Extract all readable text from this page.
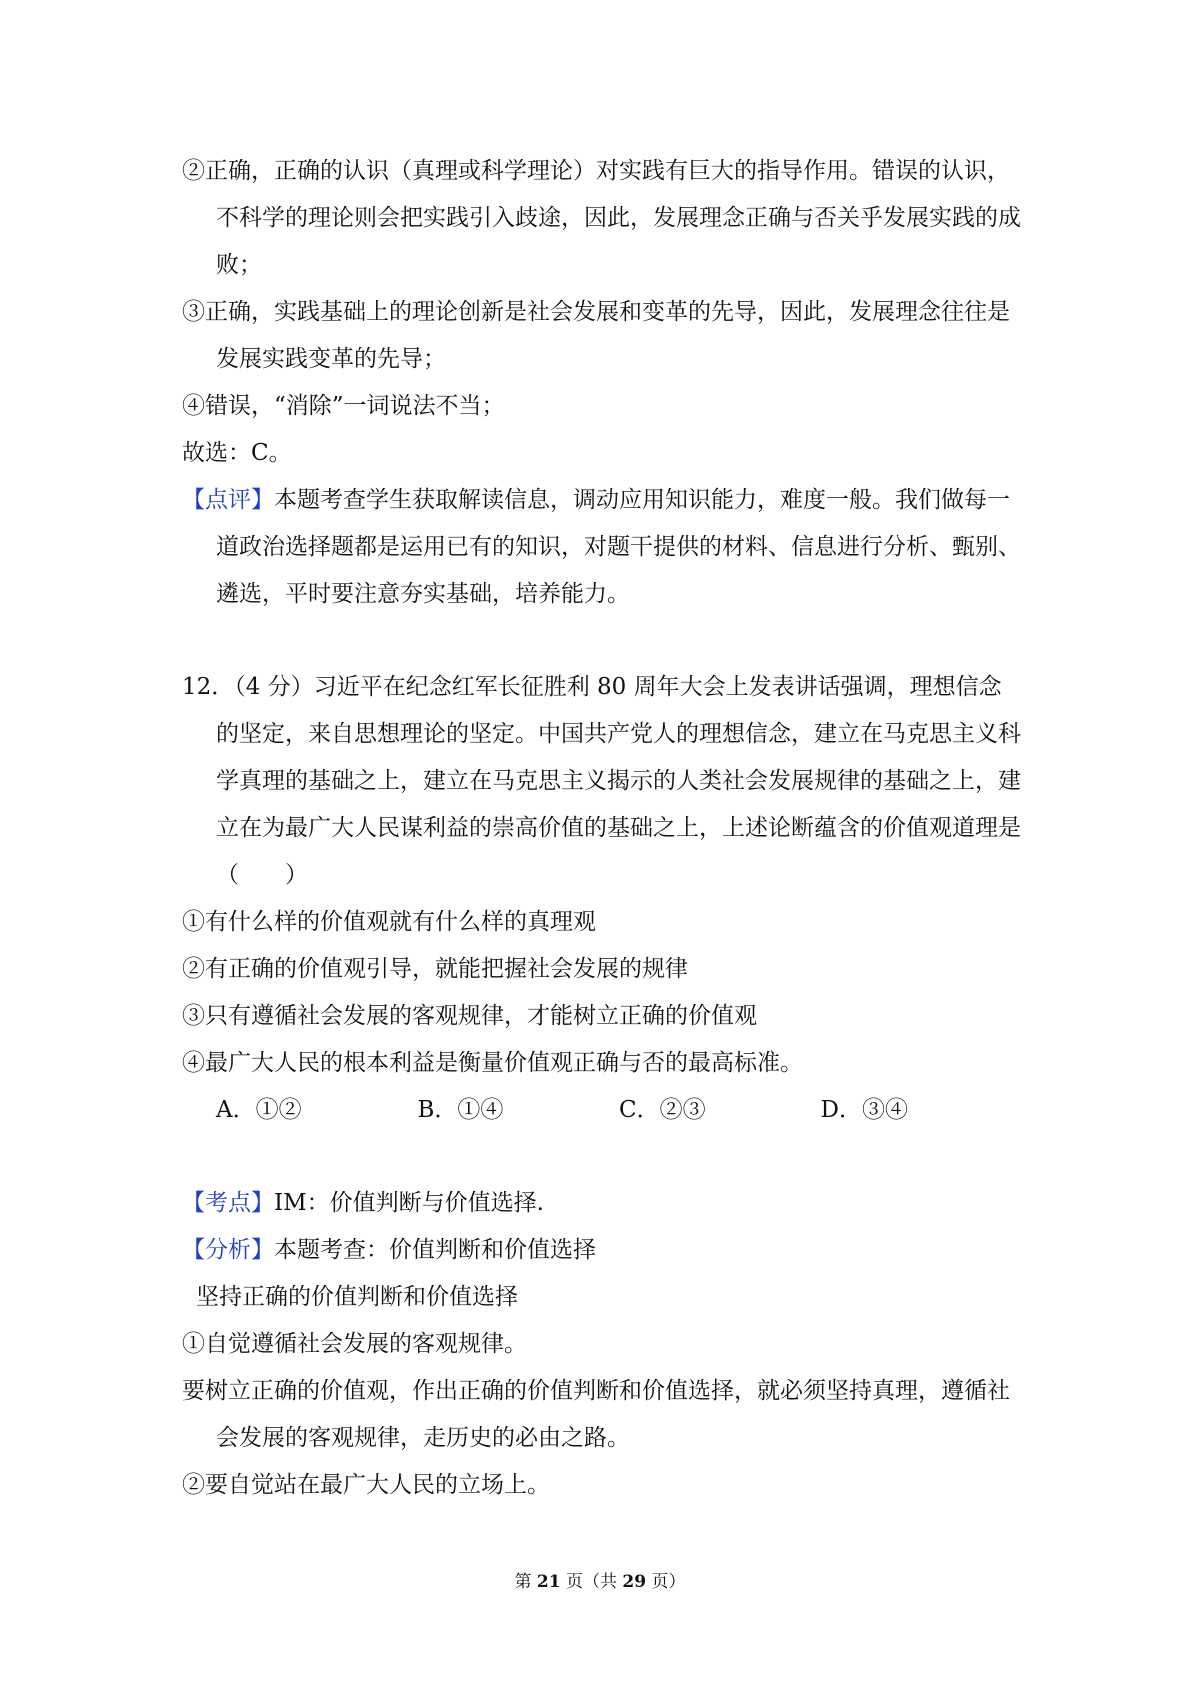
②正确，正确的认识（真理或科学理论）对实践有巨大的指导作用。错误的认识，不科学的理论则会把实践引入歧途，因此，发展理念正确与否关乎发展实践的成败；

③正确，实践基础上的理论创新是社会发展和变革的先导，因此，发展理念往往是发展实践变革的先导；

④错误，“消除”一词说法不当；

故选：C。

【点评】本题考查学生获取解读信息，调动应用知识能力，难度一般。我们做每一道政治选择题都是运用已有的知识，对题干提供的材料、信息进行分析、甄别、遴选，平时要注意夯实基础，培养能力。

12．（4 分）习近平在纪念红军长征胜利 80 周年大会上发表讲话强调，理想信念的坚定，来自思想理论的坚定。中国共产党人的理想信念，建立在马克思主义科学真理的基础之上，建立在马克思主义揭示的人类社会发展规律的基础之上，建立在为最广大人民谋利益的崇高价值的基础之上，上述论断蕴含的价值观道理是（　　）

①有什么样的价值观就有什么样的真理观

②有正确的价值观引导，就能把握社会发展的规律

③只有遵循社会发展的客观规律，才能树立正确的价值观

④最广大人民的根本利益是衡量价值观正确与否的最高标准。

A．①②	B．①④	C．②③	D．③④

【考点】IM：价值判断与价值选择.

【分析】本题考查：价值判断和价值选择

坚持正确的价值判断和价值选择

①自觉遵循社会发展的客观规律。

要树立正确的价值观，作出正确的价值判断和价值选择，就必须坚持真理，遵循社会发展的客观规律，走历史的必由之路。

②要自觉站在最广大人民的立场上。

第 21 页（共 29 页）
